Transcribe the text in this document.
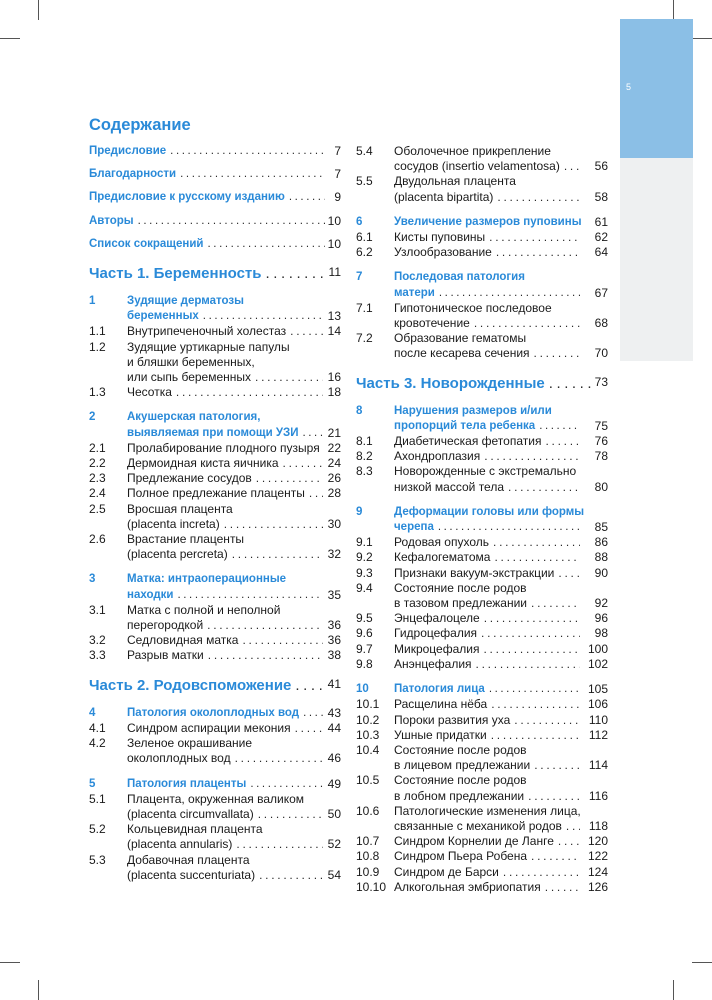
5
Содержание
Предисловие . . .	7
Благодарности . . .	7
Предисловие к русскому изданию . . .	9
Авторы . . .	10
Список сокращений . . .	10
Часть 1. Беременность . . .	11
1	Зудящие дерматозы
беременных . . .	13
1.1 Внутрипеченочный холестаз . . .	14
1.2 Зудящие уртикарные папулы
и бляшки беременных,
или сыпь беременных . . .	16
1.3 Чесотка . . .	18
2	Акушерская патология,
выявляемая при помощи УЗИ . . . 21
2.1 Пролабирование плодного пузыря 22
2.2 Дермоидная киста яичника . . .	24
2.3 Предлежание сосудов . . .	26
2.4 Полное предлежание плаценты . . . 28
2.5 Вросшая плацента
(placenta increta) . . .	30
2.6 Врастание плаценты
(placenta percreta) . . .	32
3	Матка: интраоперационные
находки . . .	35
3.1 Матка с полной и неполной
перегородкой . . .	36
3.2 Седловидная матка . . .	36
3.3 Разрыв матки . . .	38
Часть 2. Родовспоможение . . .	41
4	Патология околоплодных вод . . . 43
4.1 Синдром аспирации мекония . . .	44
4.2 Зеленое окрашивание
околоплодных вод . . .	46
5	Патология плаценты . . .	49
5.1 Плацента, окруженная валиком
(placenta circumvallata) . . .	50
5.2 Кольцевидная плацента
(placenta annularis) . . .	52
5.3 Добавочная плацента
(placenta succenturiata) . . .	54
5.4 Оболочечное прикрепление
сосудов (insertio velamentosa) . . .	56
5.5 Двудольная плацента
(placenta bipartita) . . .	58
6	Увеличение размеров пуповины 61
6.1 Кисты пуповины . . .	62
6.2 Узлообразование . . .	64
7	Последовая патология
матери . . .	67
7.1 Гипотоническое последовое
кровотечение . . .	68
7.2 Образование гематомы
после кесарева сечения . . .	70
Часть 3. Новорожденные . . .	73
8	Нарушения размеров и/или
пропорций тела ребенка . . .	75
8.1 Диабетическая фетопатия . . .	76
8.2 Ахондроплазия . . .	78
8.3 Новорожденные с экстремально
низкой массой тела . . .	80
9	Деформации головы или формы
черепа . . .	85
9.1 Родовая опухоль . . .	86
9.2 Кефалогематома . . .	88
9.3 Признаки вакуум-экстракции . . .	90
9.4 Состояние после родов
в тазовом предлежании . . .	92
9.5 Энцефалоцеле . . .	96
9.6 Гидроцефалия . . .	98
9.7 Микроцефалия . . .	100
9.8 Анэнцефалия . . .	102
10 Патология лица . . .	105
10.1 Расщелина нёба . . .	106
10.2 Пороки развития уха . . .	110
10.3 Ушные придатки . . .	112
10.4 Состояние после родов
в лицевом предлежании . . .	114
10.5 Состояние после родов
в лобном предлежании . . .	116
10.6 Патологические изменения лица,
связанные с механикой родов . . . 118
10.7 Синдром Корнелии де Ланге . . .	120
10.8 Синдром Пьера Робена . . .	122
10.9 Синдром де Барси . . .	124
10.10 Алкогольная эмбриопатия . . .	126
